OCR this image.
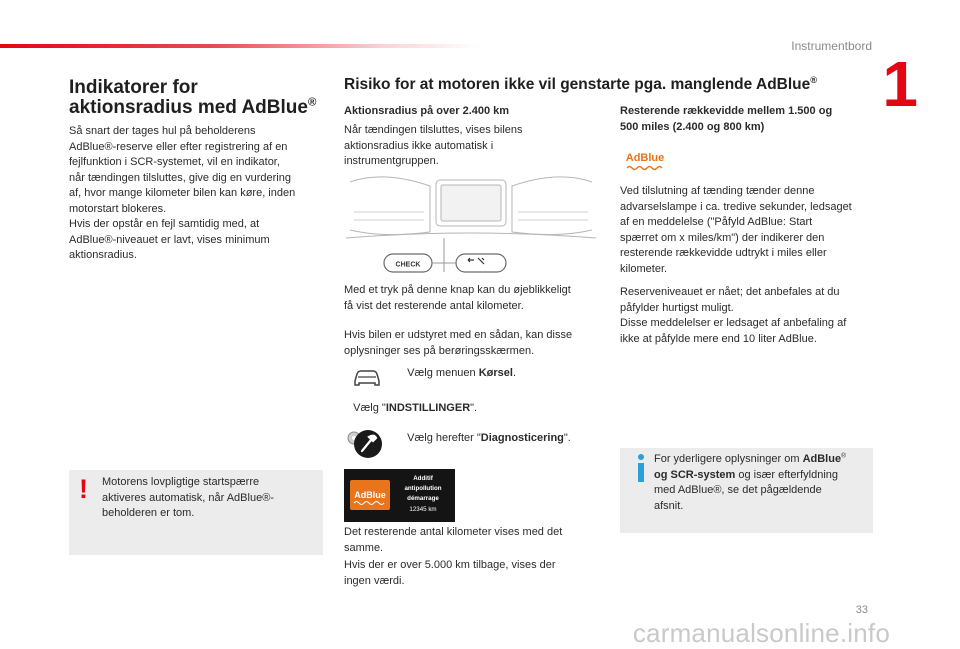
Instrumentbord
1
Indikatorer for
aktionsradius med AdBlue®
Så snart der tages hul på beholderens
AdBlue®-reserve eller efter registrering af en
fejlfunktion i SCR-systemet, vil en indikator,
når tændingen tilsluttes, give dig en vurdering
af, hvor mange kilometer bilen kan køre, inden
motorstart blokeres.
Hvis der opstår en fejl samtidig med, at
AdBlue®-niveauet er lavt, vises minimum
aktionsradius.
! Motorens lovpligtige startspærre
aktiveres automatisk, når AdBlue®-
beholderen er tom.
Risiko for at motoren ikke vil genstarte pga. manglende AdBlue®
Aktionsradius på over 2.400 km
Når tændingen tilsluttes, vises bilens
aktionsradius ikke automatisk i
instrumentgruppen.
CHECK
Med et tryk på denne knap kan du øjeblikkeligt
få vist det resterende antal kilometer.
Hvis bilen er udstyret med en sådan, kan disse
oplysninger ses på berøringsskærmen.
Vælg menuen Kørsel.
Vælg "INDSTILLINGER".
Vælg herefter "Diagnosticering".
AdBlue
Additif
antipollution
démarrage
12345 km
Det resterende antal kilometer vises med det
samme.
Hvis der er over 5.000 km tilbage, vises der
ingen værdi.
Resterende rækkevidde mellem 1.500 og
500 miles (2.400 og 800 km)
AdBlue
Ved tilslutning af tænding tænder denne
advarselslampe i ca. tredive sekunder, ledsaget
af en meddelelse ("Påfyld AdBlue: Start
spærret om x miles/km") der indikerer den
resterende rækkevidde udtrykt i miles eller
kilometer.
Reserveniveauet er nået; det anbefales at du
påfylder hurtigst muligt.
Disse meddelelser er ledsaget af anbefaling af
ikke at påfylde mere end 10 liter AdBlue.
For yderligere oplysninger om AdBlue®
og SCR-system og især efterfyldning
med AdBlue®, se det pågældende
afsnit.
33
carmanualsonline.info
